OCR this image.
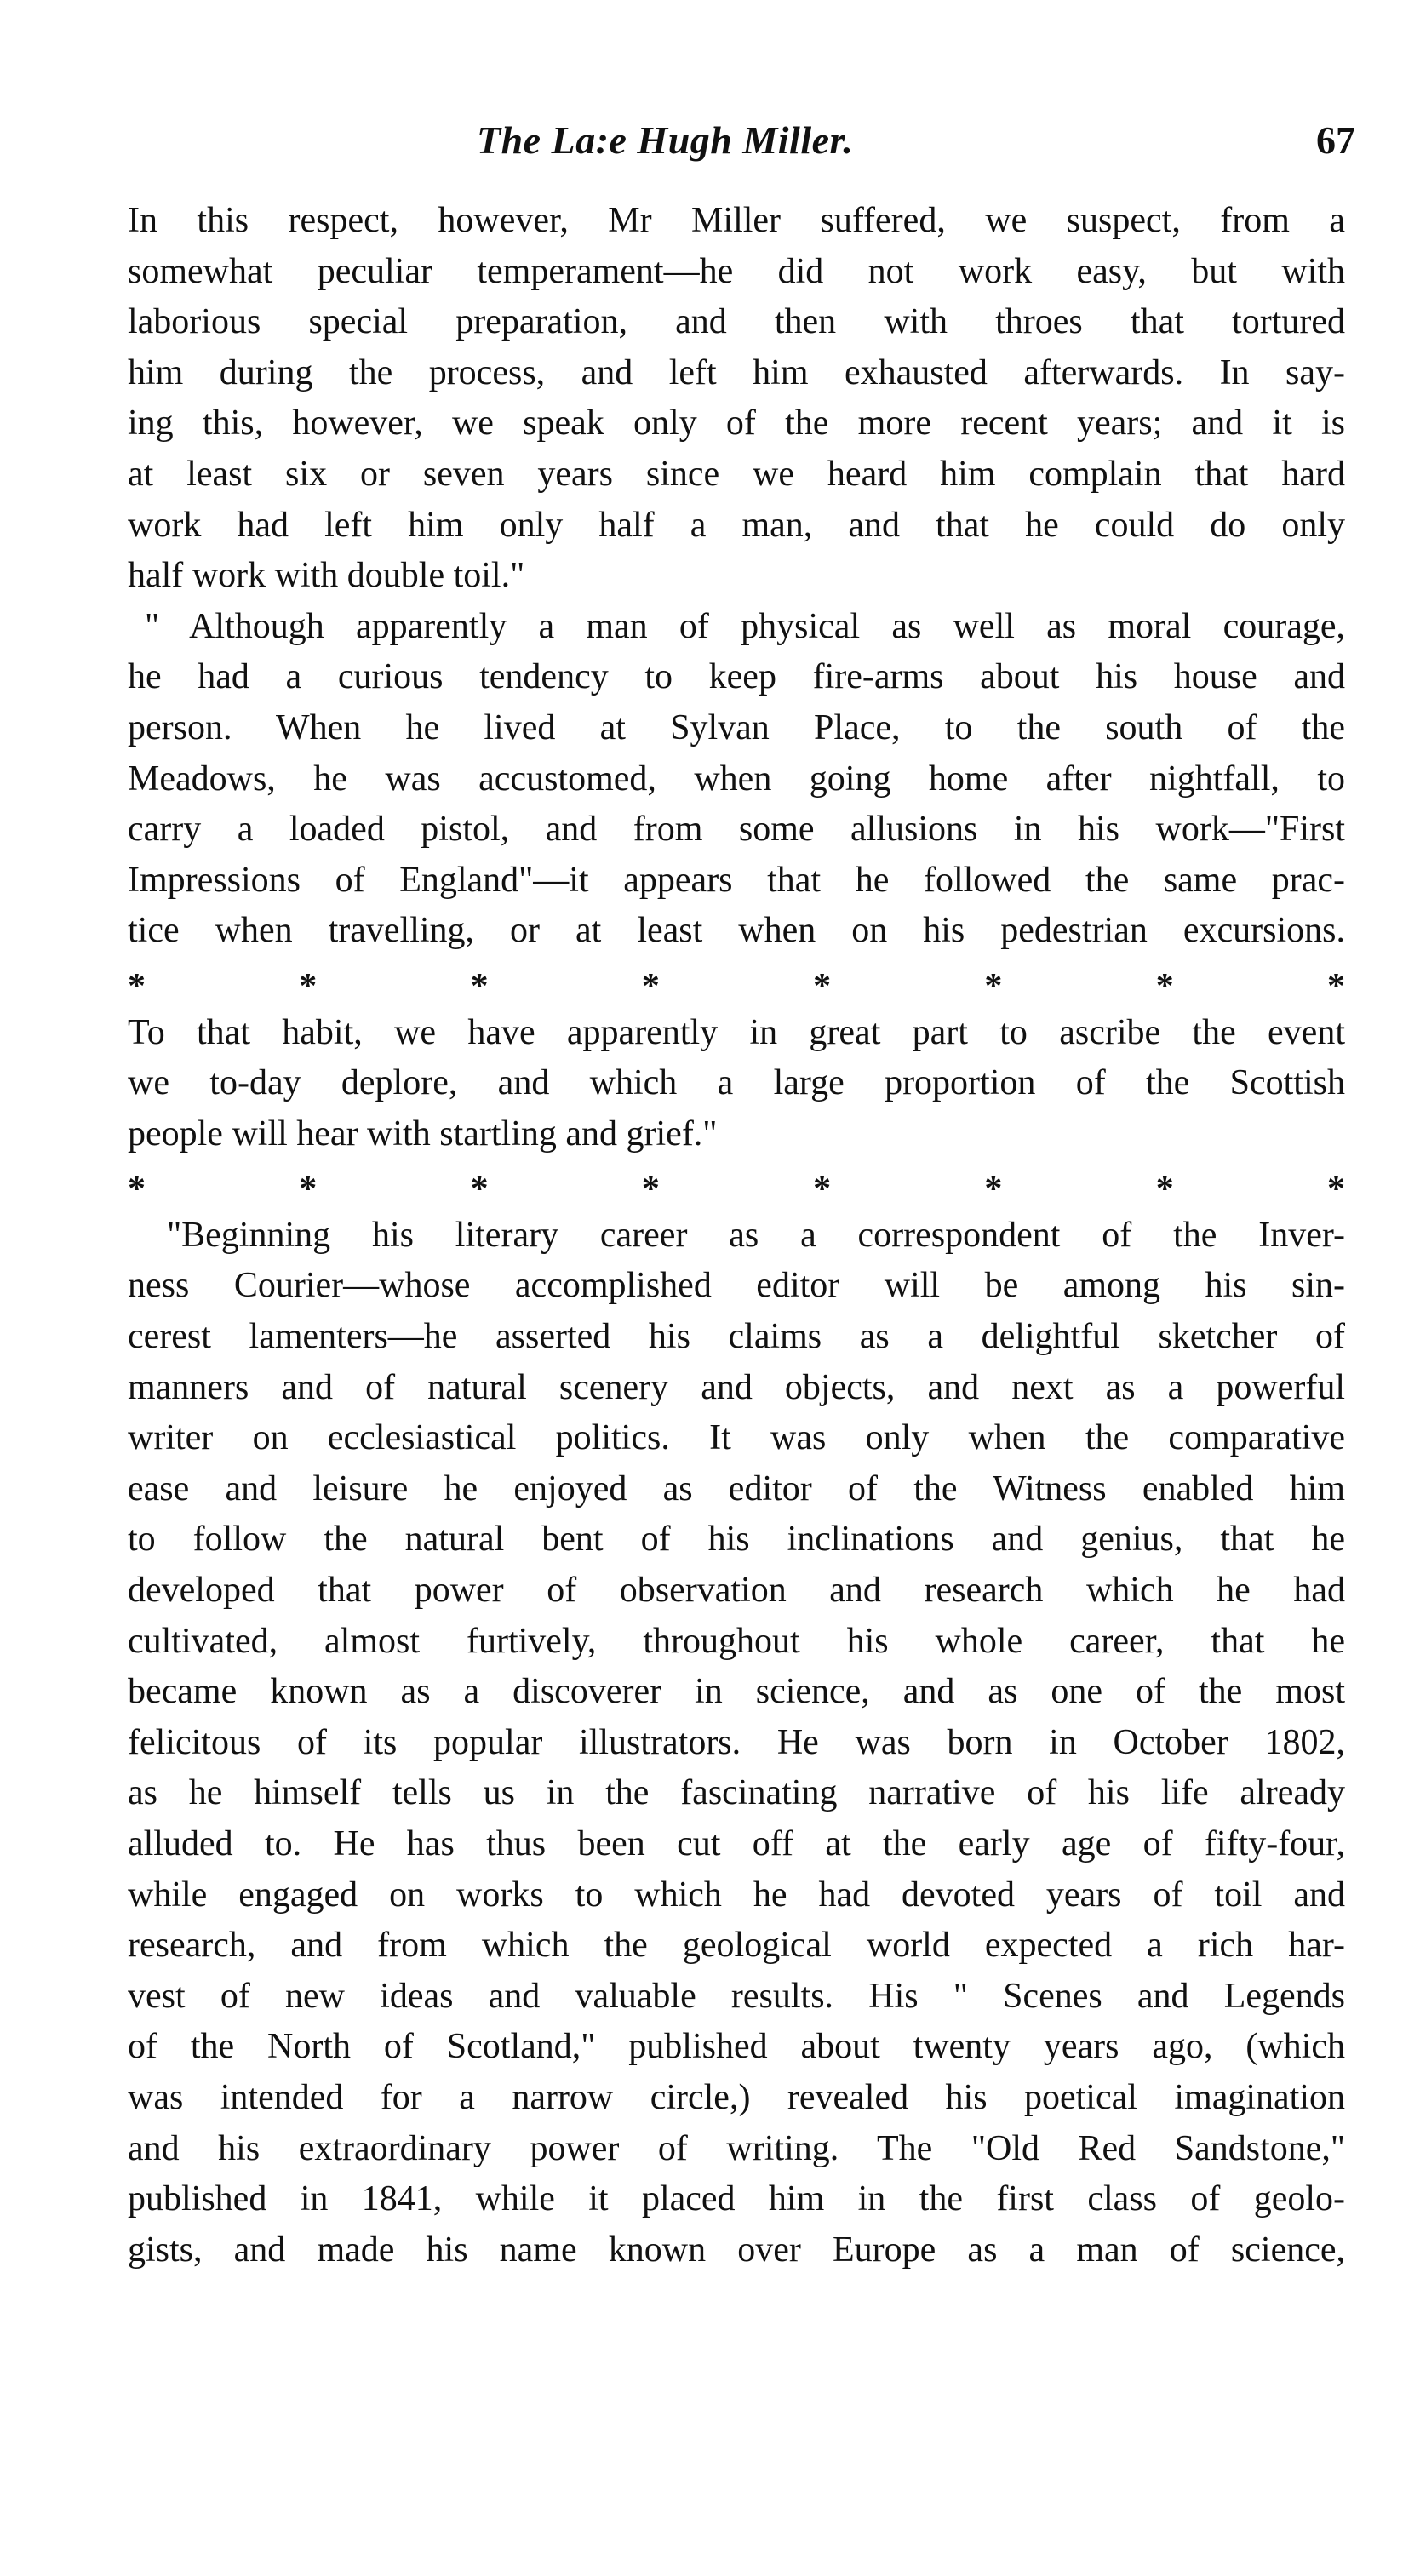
The La:e Hugh Miller.	67
In this respect, however, Mr Miller suffered, we suspect, from a
somewhat peculiar temperament—he did not work easy, but with
laborious special preparation, and then with throes that tortured
him during the process, and left him exhausted afterwards. In say-
ing this, however, we speak only of the more recent years; and it is
at least six or seven years since we heard him complain that hard
work had left him only half a man, and that he could do only
half work with double toil."
" Although apparently a man of physical as well as moral courage,
he had a curious tendency to keep fire-arms about his house and
person. When he lived at Sylvan Place, to the south of the
Meadows, he was accustomed, when going home after nightfall, to
carry a loaded pistol, and from some allusions in his work—"First
Impressions of England"—it appears that he followed the same prac-
tice when travelling, or at least when on his pedestrian excursions.
*	*	*	*	*	*	*	*
To that habit, we have apparently in great part to ascribe the event
we to-day deplore, and which a large proportion of the Scottish
people will hear with startling and grief."
*	*	*	*	*	*	*	*
"Beginning his literary career as a correspondent of the Inver-
ness Courier—whose accomplished editor will be among his sin-
cerest lamenters—he asserted his claims as a delightful sketcher of
manners and of natural scenery and objects, and next as a powerful
writer on ecclesiastical politics. It was only when the comparative
ease and leisure he enjoyed as editor of the Witness enabled him
to follow the natural bent of his inclinations and genius, that he
developed that power of observation and research which he had
cultivated, almost furtively, throughout his whole career, that he
became known as a discoverer in science, and as one of the most
felicitous of its popular illustrators. He was born in October 1802,
as he himself tells us in the fascinating narrative of his life already
alluded to. He has thus been cut off at the early age of fifty-four,
while engaged on works to which he had devoted years of toil and
research, and from which the geological world expected a rich har-
vest of new ideas and valuable results. His " Scenes and Legends
of the North of Scotland," published about twenty years ago, (which
was intended for a narrow circle,) revealed his poetical imagination
and his extraordinary power of writing. The "Old Red Sandstone,"
published in 1841, while it placed him in the first class of geolo-
gists, and made his name known over Europe as a man of science,
